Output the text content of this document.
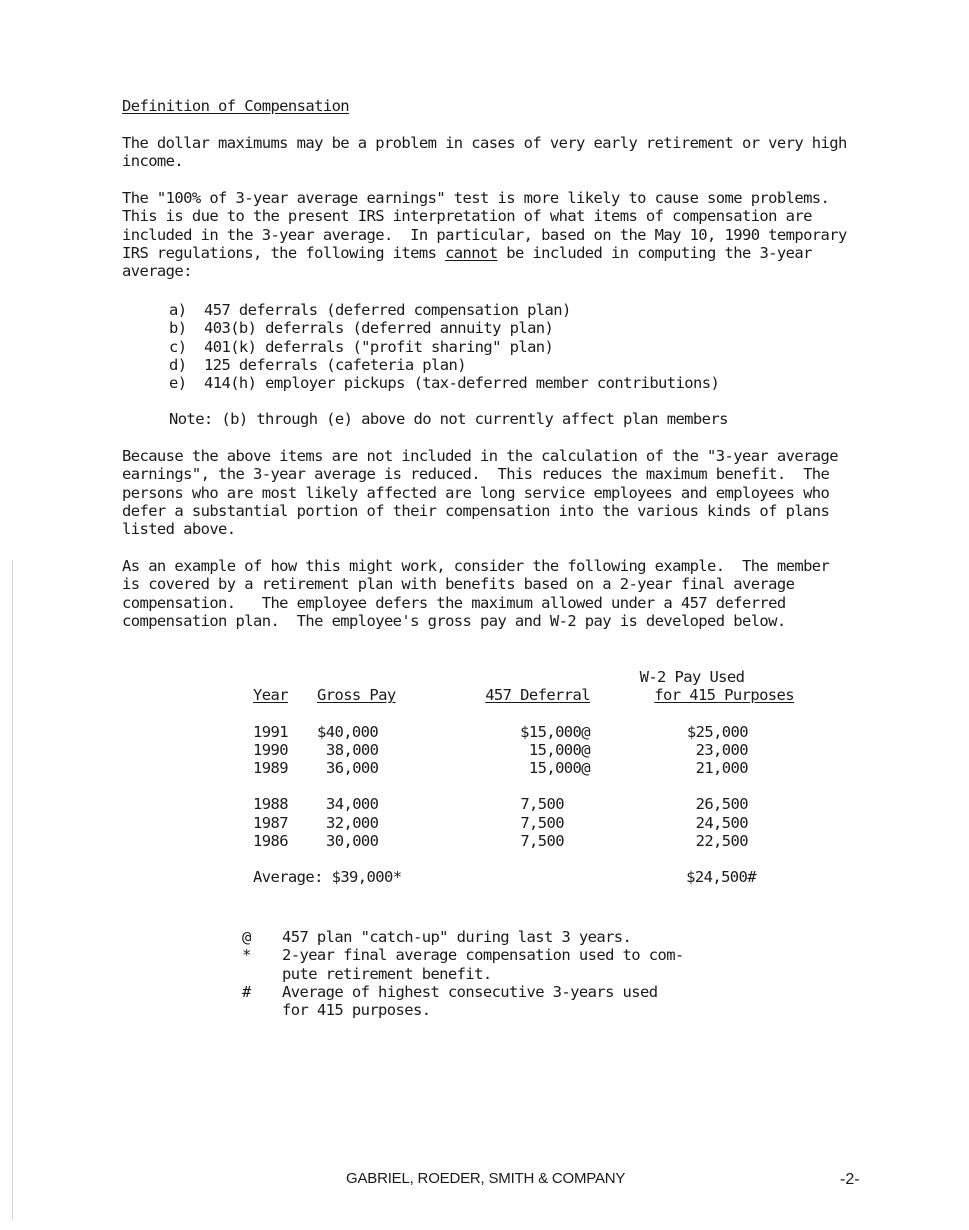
Definition of Compensation
The dollar maximums may be a problem in cases of very early retirement or very high
income.
The "100% of 3-year average earnings" test is more likely to cause some problems.
This is due to the present IRS interpretation of what items of compensation are
included in the 3-year average.  In particular, based on the May 10, 1990 temporary
IRS regulations, the following items cannot be included in computing the 3-year
average:
a)	457 deferrals (deferred compensation plan)
b)	403(b) deferrals (deferred annuity plan)
c)	401(k) deferrals ("profit sharing" plan)
d)	125 deferrals (cafeteria plan)
e)	414(h) employer pickups (tax-deferred member contributions)
Note: (b) through (e) above do not currently affect plan members
Because the above items are not included in the calculation of the "3-year average
earnings", the 3-year average is reduced.  This reduces the maximum benefit.  The
persons who are most likely affected are long service employees and employees who
defer a substantial portion of their compensation into the various kinds of plans
listed above.
As an example of how this might work, consider the following example.  The member
is covered by a retirement plan with benefits based on a 2-year final average
compensation.   The employee defers the maximum allowed under a 457 deferred
compensation plan.  The employee's gross pay and W-2 pay is developed below.
			W-2 Pay Used
Year	Gross Pay	457 Deferral	for 415 Purposes

1991	$40,000	$15,000@	$25,000
1990	38,000	15,000@	23,000
1989	36,000	15,000@	21,000

1988	34,000	7,500	26,500
1987	32,000	7,500	24,500
1986	30,000	7,500	22,500

Average: $39,000*			$24,500#
@	457 plan "catch-up" during last 3 years.
*	2-year final average compensation used to com-
pute retirement benefit.
#	Average of highest consecutive 3-years used
for 415 purposes.
GABRIEL, ROEDER, SMITH & COMPANY	-2-
